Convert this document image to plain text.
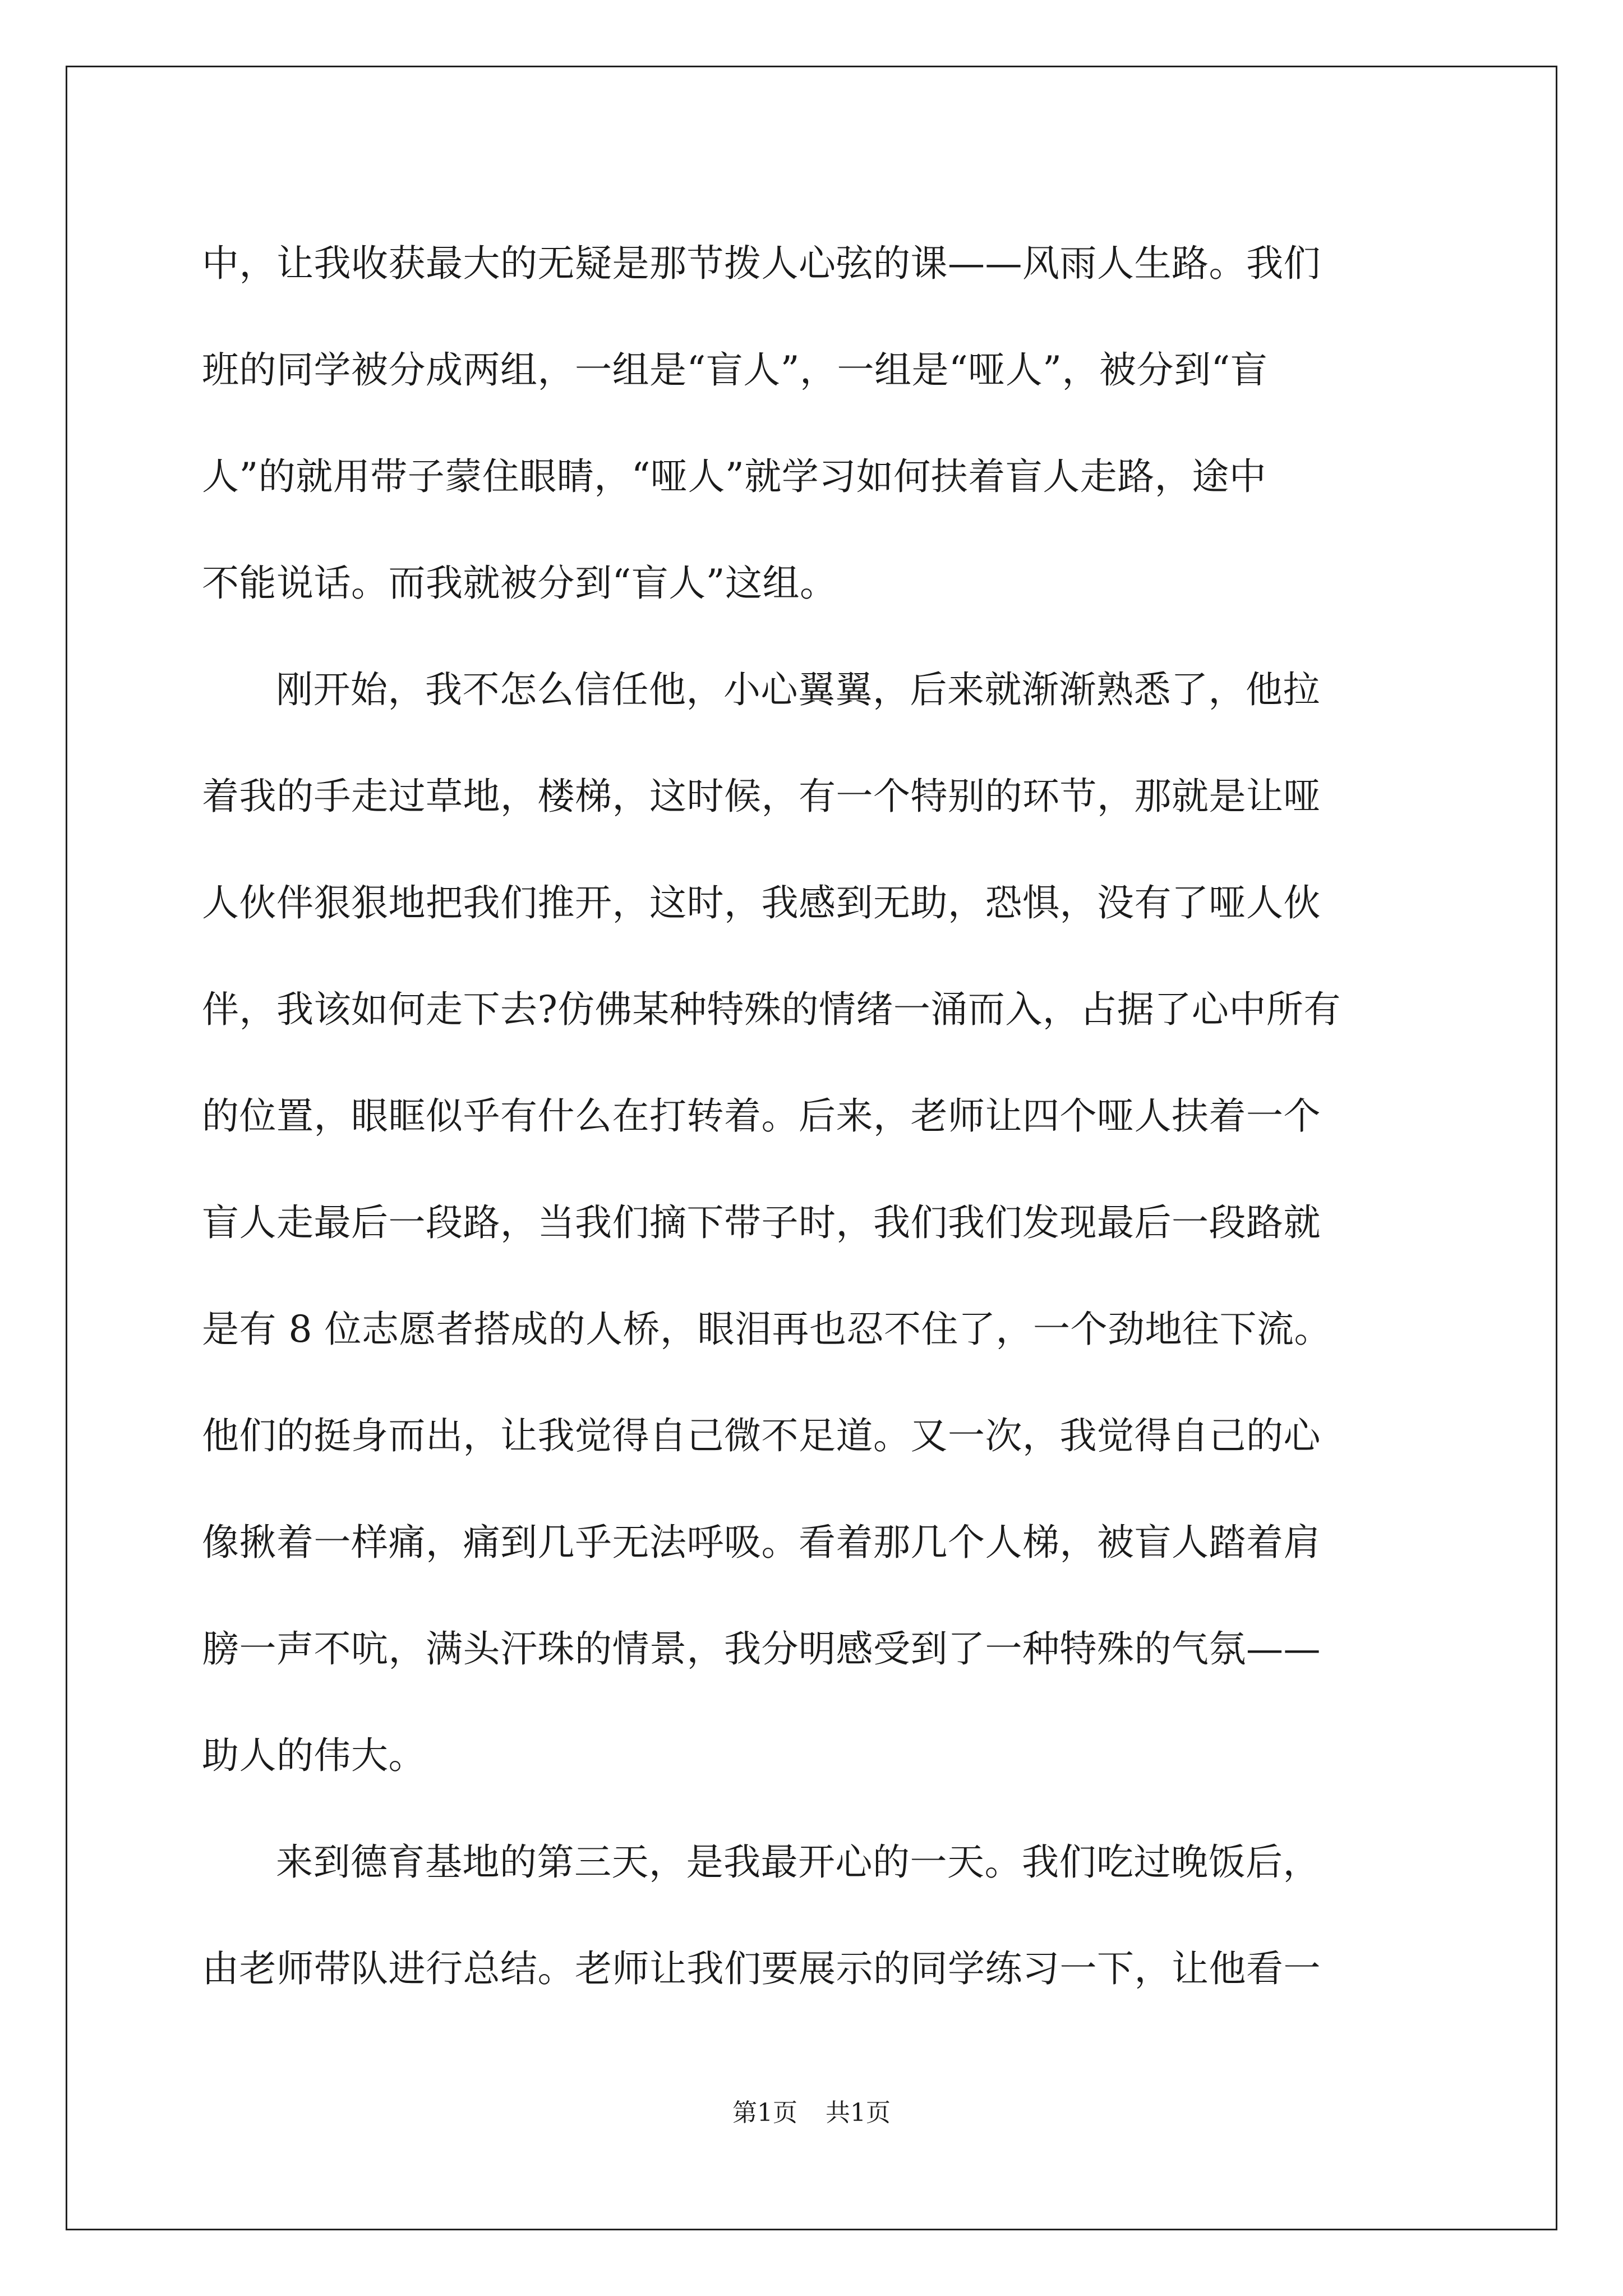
中，让我收获最大的无疑是那节拨人心弦的课——风雨人生路。我们
班的同学被分成两组，一组是“盲人”，一组是“哑人”，被分到“盲
人”的就用带子蒙住眼睛，“哑人”就学习如何扶着盲人走路，途中
不能说话。而我就被分到“盲人”这组。
刚开始，我不怎么信任他，小心翼翼，后来就渐渐熟悉了，他拉
着我的手走过草地，楼梯，这时候，有一个特别的环节，那就是让哑
人伙伴狠狠地把我们推开，这时，我感到无助，恐惧，没有了哑人伙
伴，我该如何走下去?仿佛某种特殊的情绪一涌而入，占据了心中所有
的位置，眼眶似乎有什么在打转着。后来，老师让四个哑人扶着一个
盲人走最后一段路，当我们摘下带子时，我们我们发现最后一段路就
是有 8 位志愿者搭成的人桥，眼泪再也忍不住了，一个劲地往下流。
他们的挺身而出，让我觉得自己微不足道。又一次，我觉得自己的心
像揪着一样痛，痛到几乎无法呼吸。看着那几个人梯，被盲人踏着肩
膀一声不吭，满头汗珠的情景，我分明感受到了一种特殊的气氛——
助人的伟大。
来到德育基地的第三天，是我最开心的一天。我们吃过晚饭后，
由老师带队进行总结。老师让我们要展示的同学练习一下，让他看一
第1页 共1页
